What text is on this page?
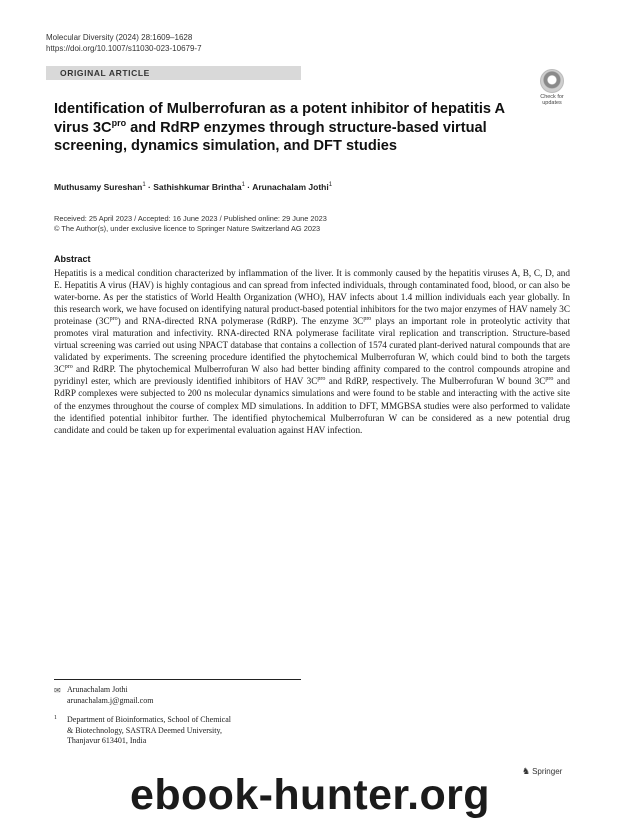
Molecular Diversity (2024) 28:1609–1628
https://doi.org/10.1007/s11030-023-10679-7
ORIGINAL ARTICLE
Check for
updates
Identification of Mulberrofuran as a potent inhibitor of hepatitis A virus $3C^{pro}$ and RdRP enzymes through structure-based virtual screening, dynamics simulation, and DFT studies
Muthusamy Sureshan$^1$ · Sathishkumar Brintha$^1$ · Arunachalam Jothi$^1$
Received: 25 April 2023 / Accepted: 16 June 2023 / Published online: 29 June 2023
© The Author(s), under exclusive licence to Springer Nature Switzerland AG 2023
Abstract
Hepatitis is a medical condition characterized by inflammation of the liver. It is commonly caused by the hepatitis viruses A, B, C, D, and E. Hepatitis A virus (HAV) is highly contagious and can spread from infected individuals, through contaminated food, blood, or can also be water-borne. As per the statistics of World Health Organization (WHO), HAV infects about 1.4 million individuals each year globally. In this research work, we have focused on identifying natural product-based potential inhibitors for the two major enzymes of HAV namely 3C proteinase $(3C^{pro})$ and RNA-directed RNA polymerase (RdRP). The enzyme $3C^{pro}$ plays an important role in proteolytic activity that promotes viral maturation and infectivity. RNA-directed RNA polymerase facilitate viral replication and transcription. Structure-based virtual screening was carried out using NPACT database that contains a collection of 1574 curated plant-derived natural compounds that are validated by experiments. The screening procedure identified the phytochemical Mulberrofuran W, which could bind to both the targets $3C^{pro}$ and RdRP. The phytochemical Mulberrofuran W also had better binding affinity compared to the control compounds atropine and pyridinyl ester, which are previously identified inhibitors of HAV $3C^{pro}$ and RdRP, respectively. The Mulberrofuran W bound $3C^{pro}$ and RdRP complexes were subjected to 200 ns molecular dynamics simulations and were found to be stable and interacting with the active site of the enzymes throughout the course of complex MD simulations. In addition to DFT, MMGBSA studies were also performed to validate the identified potential inhibitor further. The identified phytochemical Mulberrofuran W can be considered as a new potential drug candidate and could be taken up for experimental evaluation against HAV infection.
✉ Arunachalam Jothi
arunachalam.j@gmail.com
1 Department of Bioinformatics, School of Chemical
& Biotechnology, SASTRA Deemed University,
Thanjavur 613401, India
♞ Springer
ebook-hunter.org
